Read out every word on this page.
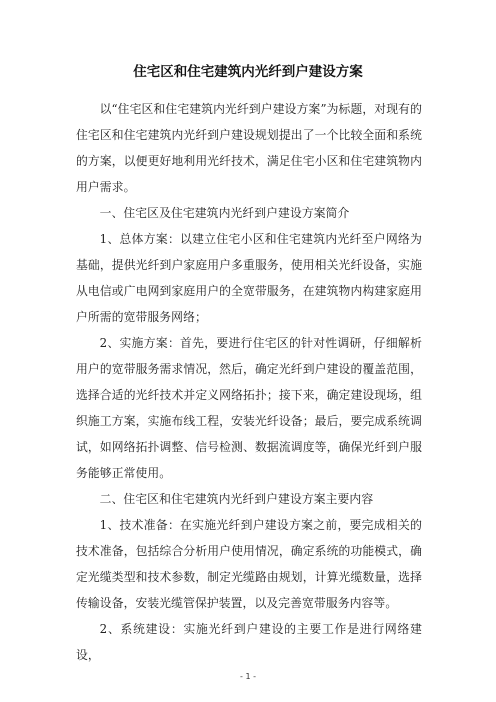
住宅区和住宅建筑内光纤到户建设方案

以“住宅区和住宅建筑内光纤到户建设方案”为标题，对现有的住宅区和住宅建筑内光纤到户建设规划提出了一个比较全面和系统的方案，以便更好地利用光纤技术，满足住宅小区和住宅建筑物内用户需求。

一、住宅区及住宅建筑内光纤到户建设方案简介

1、总体方案：以建立住宅小区和住宅建筑内光纤至户网络为基础，提供光纤到户家庭用户多重服务，使用相关光纤设备，实施从电信或广电网到家庭用户的全宽带服务，在建筑物内构建家庭用户所需的宽带服务网络；

2、实施方案：首先，要进行住宅区的针对性调研，仔细解析用户的宽带服务需求情况，然后，确定光纤到户建设的覆盖范围，选择合适的光纤技术并定义网络拓扑；接下来，确定建设现场，组织施工方案，实施布线工程，安装光纤设备；最后，要完成系统调试，如网络拓扑调整、信号检测、数据流调度等，确保光纤到户服务能够正常使用。

二、住宅区和住宅建筑内光纤到户建设方案主要内容

1、技术准备：在实施光纤到户建设方案之前，要完成相关的技术准备，包括综合分析用户使用情况，确定系统的功能模式，确定光缆类型和技术参数，制定光缆路由规划，计算光缆数量，选择传输设备，安装光缆管保护装置，以及完善宽带服务内容等。

2、系统建设：实施光纤到户建设的主要工作是进行网络建设，

- 1 -
